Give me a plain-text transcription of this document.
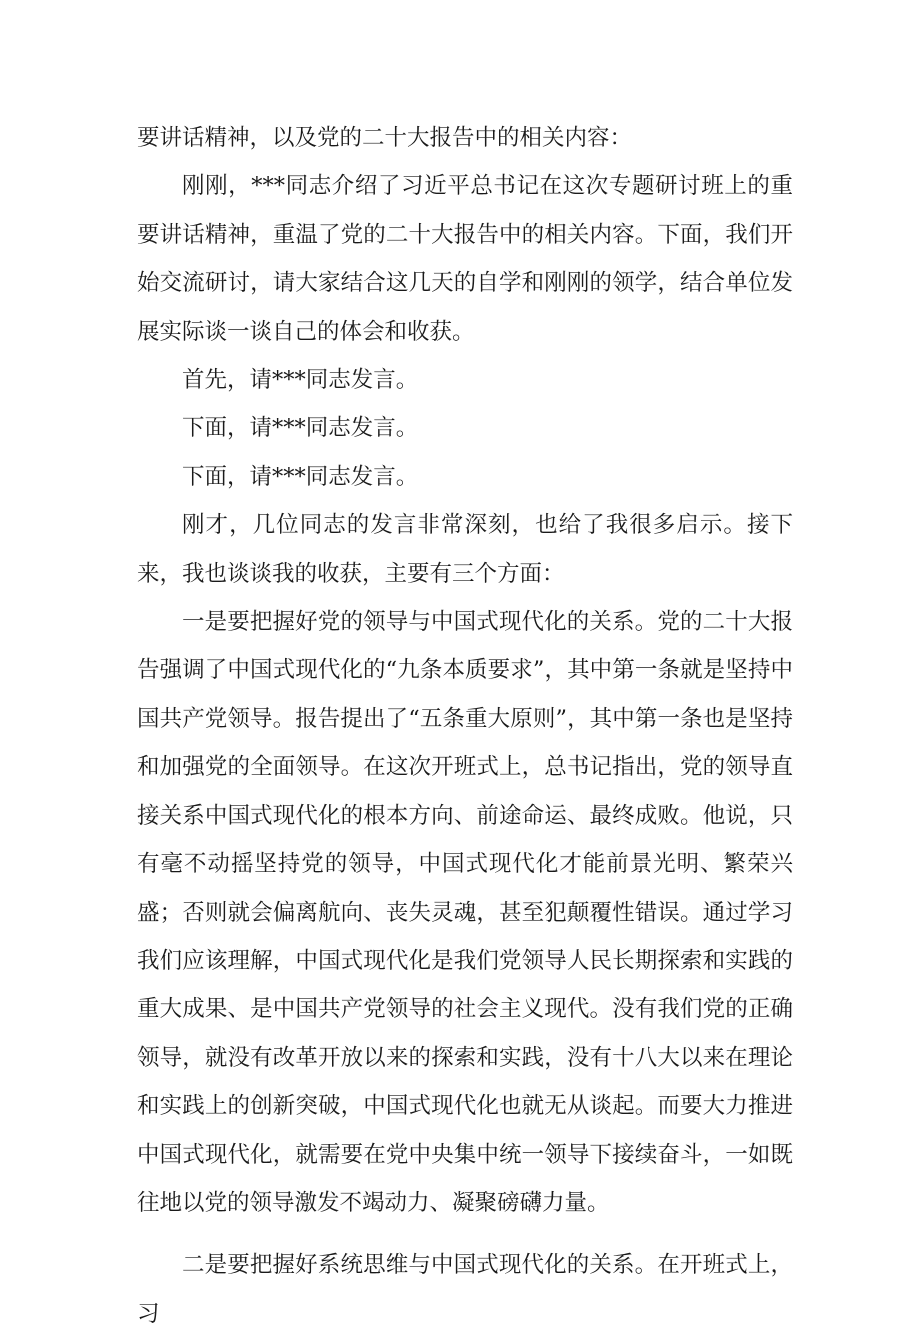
要讲话精神，以及党的二十大报告中的相关内容：

刚刚，***同志介绍了习近平总书记在这次专题研讨班上的重要讲话精神，重温了党的二十大报告中的相关内容。下面，我们开始交流研讨，请大家结合这几天的自学和刚刚的领学，结合单位发展实际谈一谈自己的体会和收获。

首先，请***同志发言。

下面，请***同志发言。

下面，请***同志发言。

刚才，几位同志的发言非常深刻，也给了我很多启示。接下来，我也谈谈我的收获，主要有三个方面：

一是要把握好党的领导与中国式现代化的关系。党的二十大报告强调了中国式现代化的“九条本质要求”，其中第一条就是坚持中国共产党领导。报告提出了“五条重大原则”，其中第一条也是坚持和加强党的全面领导。在这次开班式上，总书记指出，党的领导直接关系中国式现代化的根本方向、前途命运、最终成败。他说，只有毫不动摇坚持党的领导，中国式现代化才能前景光明、繁荣兴盛；否则就会偏离航向、丧失灵魂，甚至犯颠覆性错误。通过学习我们应该理解，中国式现代化是我们党领导人民长期探索和实践的重大成果、是中国共产党领导的社会主义现代。没有我们党的正确领导，就没有改革开放以来的探索和实践，没有十八大以来在理论和实践上的创新突破，中国式现代化也就无从谈起。而要大力推进中国式现代化，就需要在党中央集中统一领导下接续奋斗，一如既往地以党的领导激发不竭动力、凝聚磅礴力量。

二是要把握好系统思维与中国式现代化的关系。在开班式上，习
